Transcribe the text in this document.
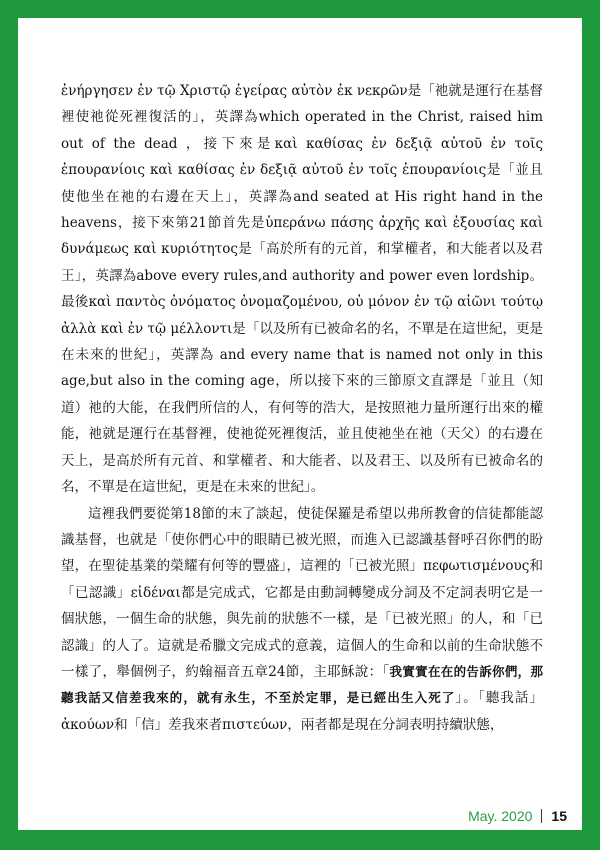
ἐνήργησεν ἐν τῷ Χριστῷ ἐγείρας αὐτὸν ἐκ νεκρῶν是「祂就是運行在基督裡使祂從死裡復活的」，英譯為which operated in the Christ, raised him out of the dead ，接下來是καὶ καθίσας ἐν δεξιᾷ αὐτοῦ ἐν τοῖς ἐπουρανίοις καὶ καθίσας ἐν δεξιᾷ αὐτοῦ ἐν τοῖς ἐπουρανίοις是「並且使他坐在祂的右邊在天上」，英譯為and seated at His right hand in the heavens，接下來第21節首先是ὑπεράνω πάσης ἀρχῆς καὶ ἐξουσίας καὶ δυνάμεως καὶ κυριότητος是「高於所有的元首，和掌權者，和大能者以及君王」，英譯為above every rules,and authority and power even lordship。最後καὶ παντὸς ὀνόματος ὀνομαζομένου, οὐ μόνον ἐν τῷ αἰῶνι τούτῳ ἀλλὰ καὶ ἐν τῷ μέλλοντι是「以及所有已被命名的名，不單是在這世紀，更是在未來的世紀」，英譯為 and every name that is named not only in this age,but also in the coming age，所以接下來的三節原文直譯是「並且（知道）祂的大能，在我們所信的人，有何等的浩大，是按照祂力量所運行出來的權能，祂就是運行在基督裡，使祂從死裡復活，並且使祂坐在祂（天父）的右邊在天上，是高於所有元首、和掌權者、和大能者、以及君王、以及所有已被命名的名，不單是在這世紀，更是在未來的世紀」。

這裡我們要從第18節的末了談起，使徒保羅是希望以弗所教會的信徒都能認識基督，也就是「使你們心中的眼睛已被光照，而進入已認識基督呼召你們的盼望，在聖徒基業的榮耀有何等的豐盛」，這裡的「已被光照」πεφωτισμένους和「已認識」εἰδέναι都是完成式，它都是由動詞轉變成分詞及不定詞表明它是一個狀態，一個生命的狀態，與先前的狀態不一樣，是「已被光照」的人，和「已認識」的人了。這就是希臘文完成式的意義，這個人的生命和以前的生命狀態不一樣了，舉個例子，約翰福音五章24節，主耶穌說：「我實實在在的告訴你們，那聽我話又信差我來的，就有永生，不至於定罪，是已經出生入死了」。「聽我話」ἀκούων和「信」差我來者πιστεύων，兩者都是現在分詞表明持續狀態，

May. 2020 15
